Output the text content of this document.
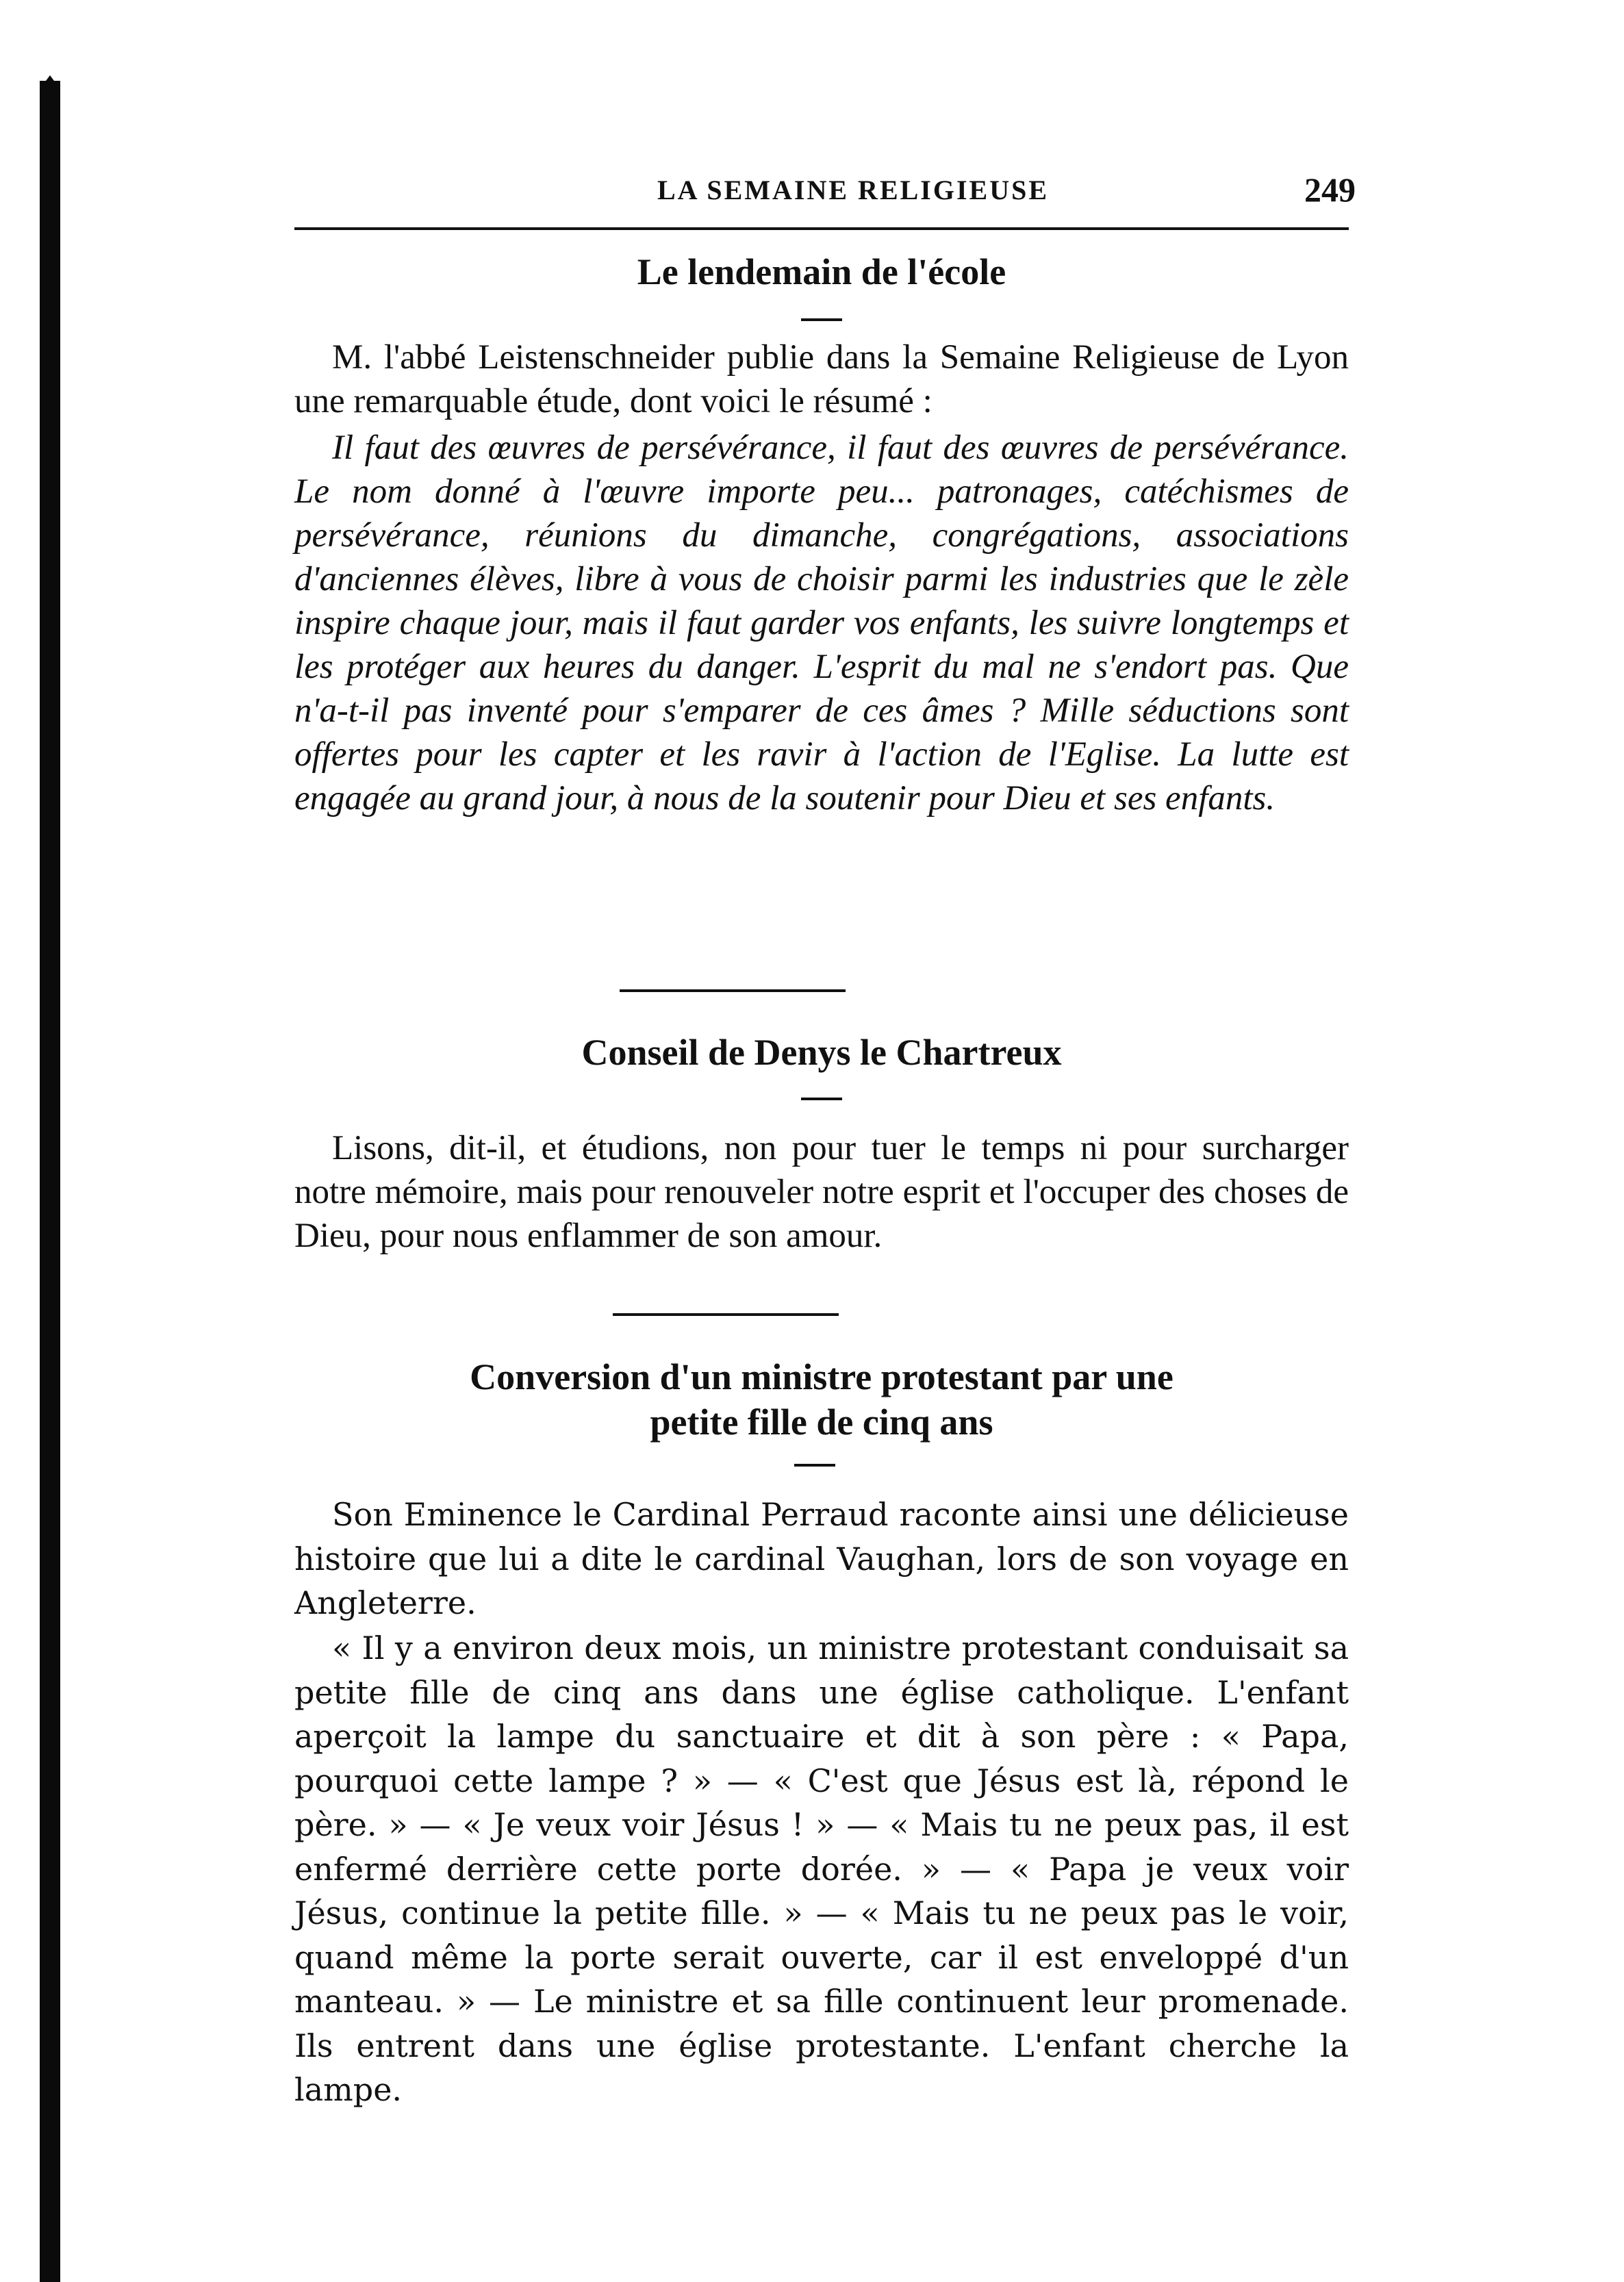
LA SEMAINE RELIGIEUSE	249
Le lendemain de l'école

M. l'abbé Leistenschneider publie dans la Semaine Religieuse de Lyon une remarquable étude, dont voici le résumé :

Il faut des œuvres de persévérance, il faut des œuvres de persévérance. Le nom donné à l'œuvre importe peu... patronages, catéchismes de persévérance, réunions du dimanche, congrégations, associations d'anciennes élèves, libre à vous de choisir parmi les industries que le zèle inspire chaque jour, mais il faut garder vos enfants, les suivre longtemps et les protéger aux heures du danger. L'esprit du mal ne s'endort pas. Que n'a-t-il pas inventé pour s'emparer de ces âmes ? Mille séductions sont offertes pour les capter et les ravir à l'action de l'Eglise. La lutte est engagée au grand jour, à nous de la soutenir pour Dieu et ses enfants.

Conseil de Denys le Chartreux

Lisons, dit-il, et étudions, non pour tuer le temps ni pour surcharger notre mémoire, mais pour renouveler notre esprit et l'occuper des choses de Dieu, pour nous enflammer de son amour.

Conversion d'un ministre protestant par une
petite fille de cinq ans

Son Eminence le Cardinal Perraud raconte ainsi une délicieuse histoire que lui a dite le cardinal Vaughan, lors de son voyage en Angleterre.

« Il y a environ deux mois, un ministre protestant conduisait sa petite fille de cinq ans dans une église catholique. L'enfant aperçoit la lampe du sanctuaire et dit à son père : « Papa, pourquoi cette lampe ? » — « C'est que Jésus est là, répond le père. » — « Je veux voir Jésus ! » — « Mais tu ne peux pas, il est enfermé derrière cette porte dorée. » — « Papa je veux voir Jésus, continue la petite fille. » — « Mais tu ne peux pas le voir, quand même la porte serait ouverte, car il est enveloppé d'un manteau. » — Le ministre et sa fille continuent leur promenade. Ils entrent dans une église protestante. L'enfant cherche la lampe.
